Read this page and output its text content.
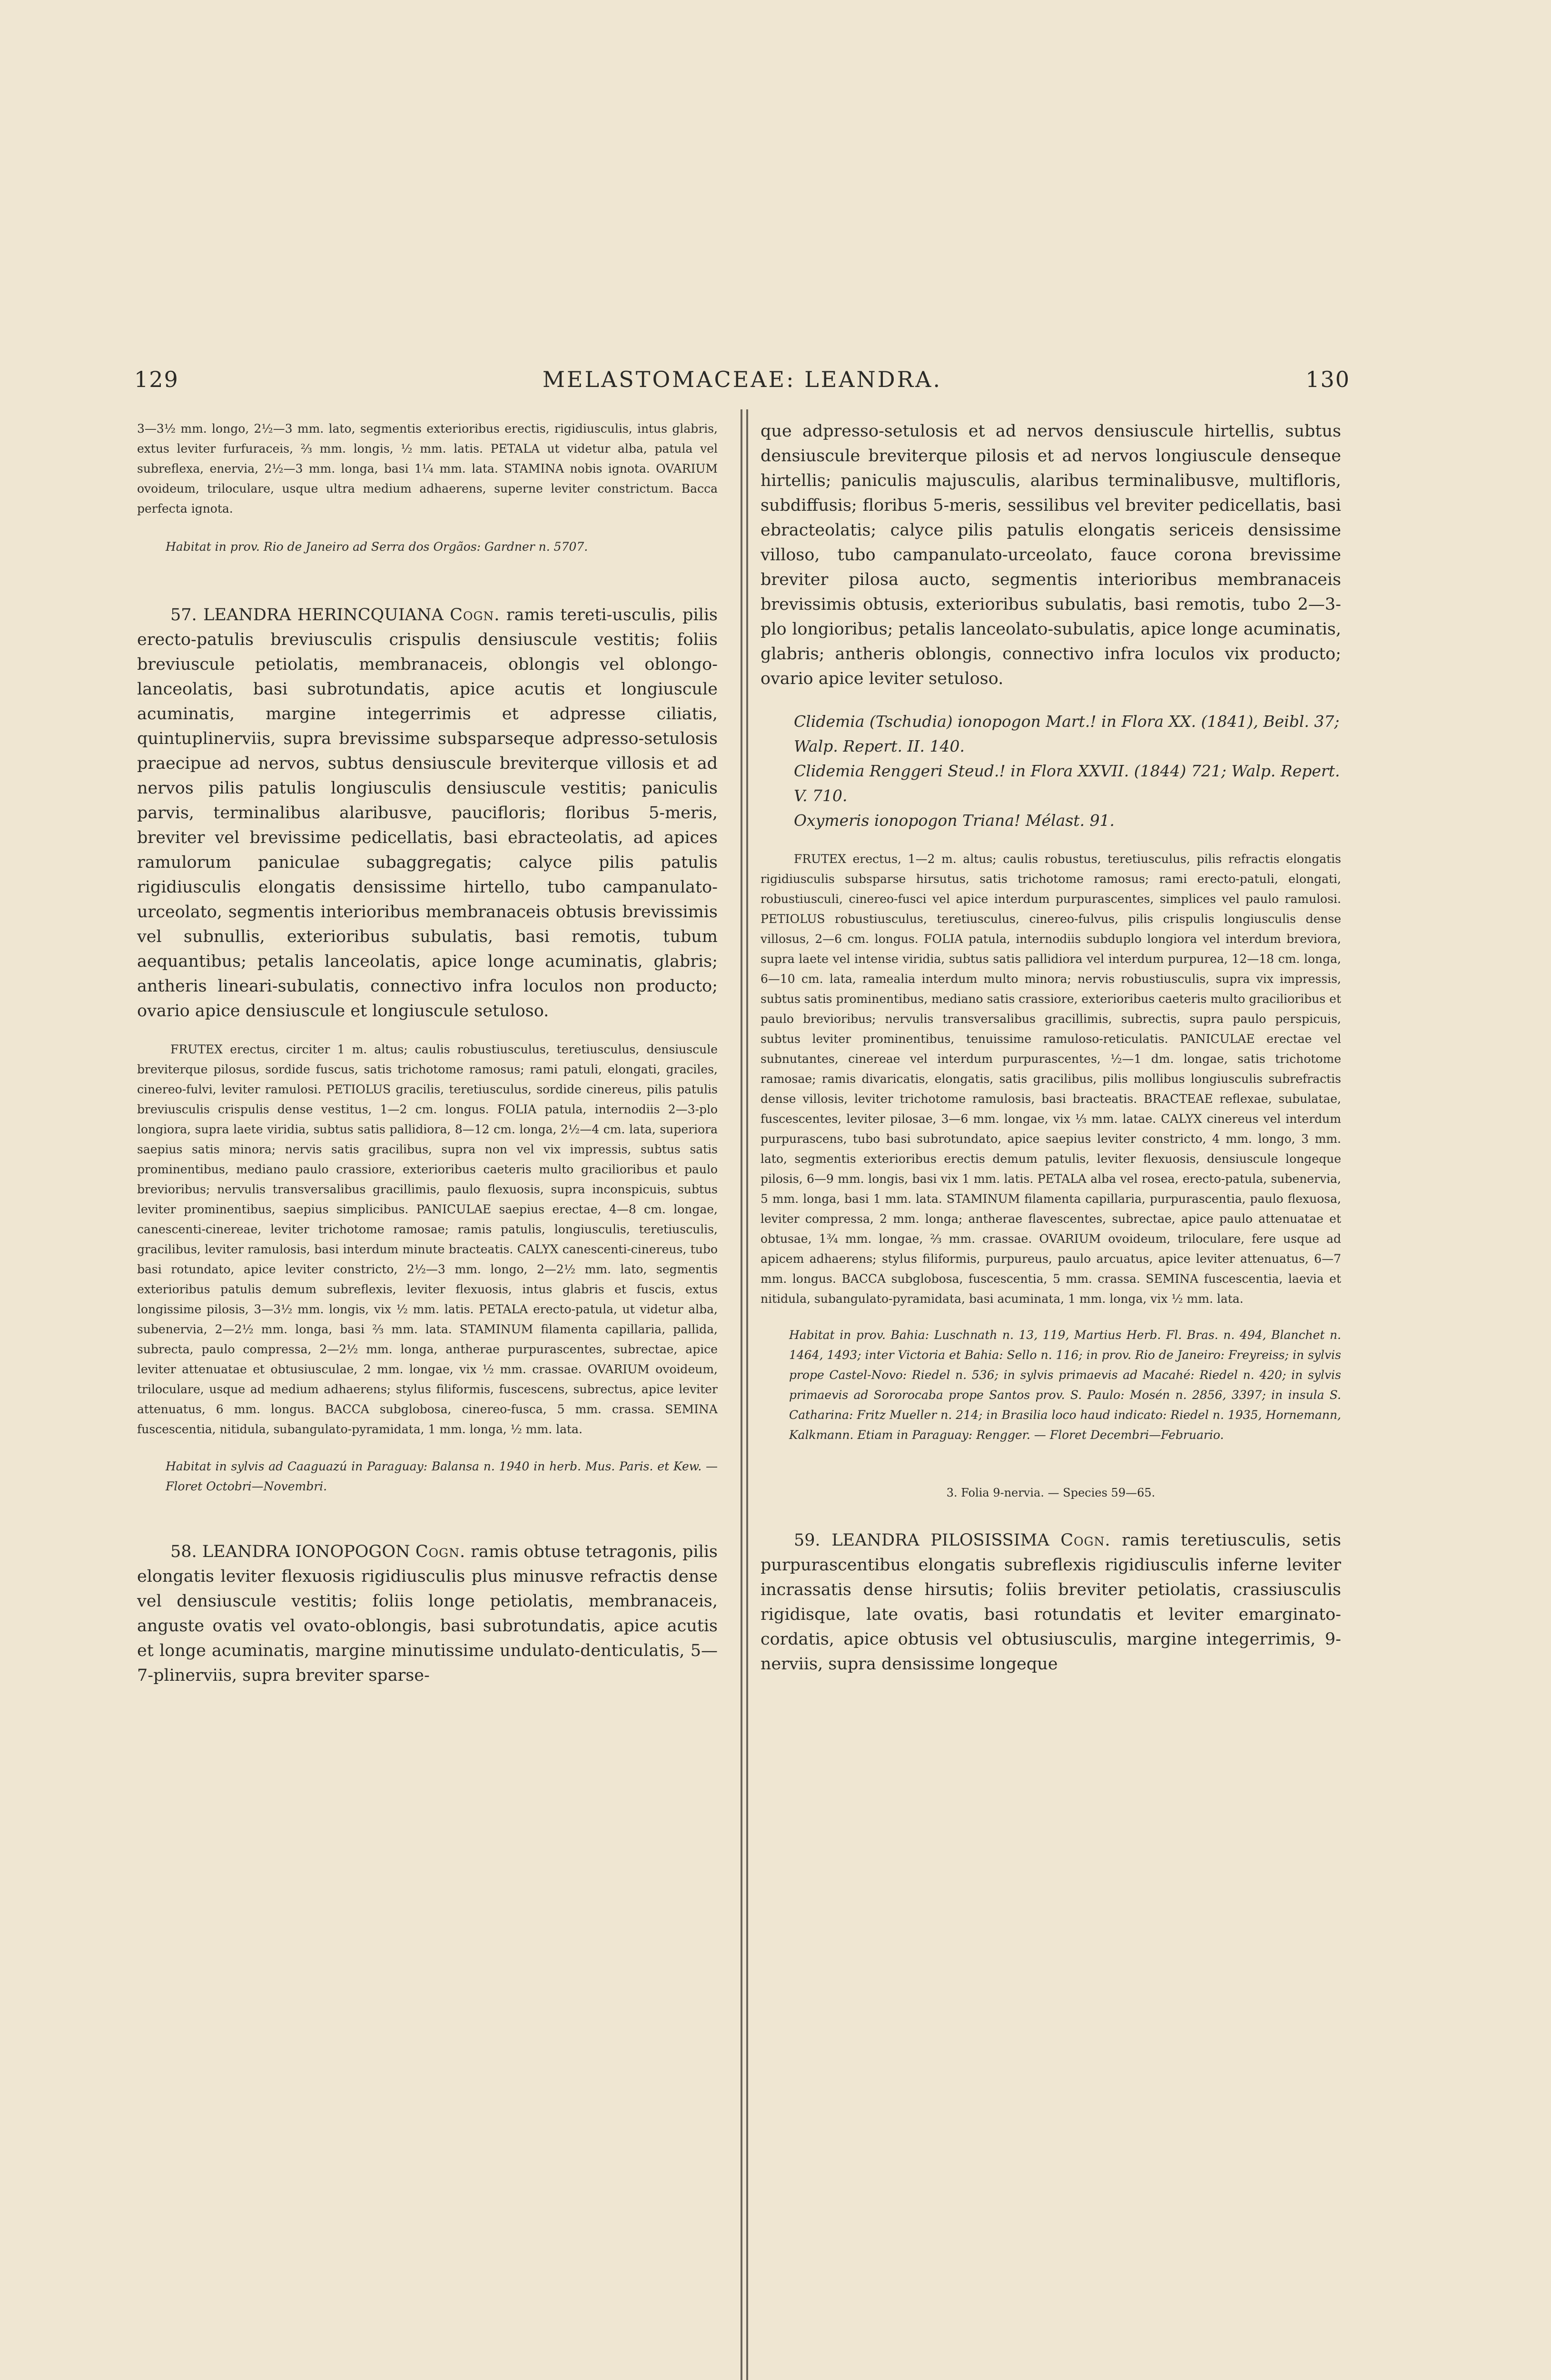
129	MELASTOMACEAE: LEANDRA.	130

3—3½ mm. longo, 2½—3 mm. lato, segmentis exterioribus erectis, rigidiusculis, intus glabris, extus leviter furfuraceis, ⅔ mm. longis, ½ mm. latis. PETALA ut videtur alba, patula vel subreflexa, enervia, 2½—3 mm. longa, basi 1¼ mm. lata. STAMINA nobis ignota. OVARIUM ovoideum, triloculare, usque ultra medium adhaerens, superne leviter constrictum. Bacca perfecta ignota.

Habitat in prov. Rio de Janeiro ad Serra dos Orgãos: Gardner n. 5707.

57. LEANDRA HERINCQUIANA Cogn. ramis tereti-usculis, pilis erecto-patulis breviusculis crispulis densiuscule vestitis; foliis breviuscule petiolatis, membranaceis, oblongis vel oblongo-lanceolatis, basi subrotundatis, apice acutis et longiuscule acuminatis, margine integerrimis et adpresse ciliatis, quintuplinerviis, supra brevissime subsparseque adpresso-setulosis praecipue ad nervos, subtus densiuscule breviterque villosis et ad nervos pilis patulis longiusculis densiuscule vestitis; paniculis parvis, terminalibus alaribusve, paucifloris; floribus 5-meris, breviter vel brevissime pedicellatis, basi ebracteolatis, ad apices ramulorum paniculae subaggregatis; calyce pilis patulis rigidiusculis elongatis densissime hirtello, tubo campanulato-urceolato, segmentis interioribus membranaceis obtusis brevissimis vel subnullis, exterioribus subulatis, basi remotis, tubum aequantibus; petalis lanceolatis, apice longe acuminatis, glabris; antheris lineari-subulatis, connectivo infra loculos non producto; ovario apice densiuscule et longiuscule setuloso.

FRUTEX erectus, circiter 1 m. altus; caulis robustiusculus, teretiusculus, densiuscule breviterque pilosus, sordide fuscus, satis trichotome ramosus; rami patuli, elongati, graciles, cinereo-fulvi, leviter ramulosi. PETIOLUS gracilis, teretiusculus, sordide cinereus, pilis patulis breviusculis crispulis dense vestitus, 1—2 cm. longus. FOLIA patula, internodiis 2—3-plo longiora, supra laete viridia, subtus satis pallidiora, 8—12 cm. longa, 2½—4 cm. lata, superiora saepius satis minora; nervis satis gracilibus, supra non vel vix impressis, subtus satis prominentibus, mediano paulo crassiore, exterioribus caeteris multo gracilioribus et paulo brevioribus; nervulis transversalibus gracillimis, paulo flexuosis, supra inconspicuis, subtus leviter prominentibus, saepius simplicibus. PANICULAE saepius erectae, 4—8 cm. longae, canescenti-cinereae, leviter trichotome ramosae; ramis patulis, longiusculis, teretiusculis, gracilibus, leviter ramulosis, basi interdum minute bracteatis. CALYX canescenti-cinereus, tubo basi rotundato, apice leviter constricto, 2½—3 mm. longo, 2—2½ mm. lato, segmentis exterioribus patulis demum subreflexis, leviter flexuosis, intus glabris et fuscis, extus longissime pilosis, 3—3½ mm. longis, vix ½ mm. latis. PETALA erecto-patula, ut videtur alba, subenervia, 2—2½ mm. longa, basi ⅔ mm. lata. STAMINUM filamenta capillaria, pallida, subrecta, paulo compressa, 2—2½ mm. longa, antherae purpurascentes, subrectae, apice leviter attenuatae et obtusiusculae, 2 mm. longae, vix ½ mm. crassae. OVARIUM ovoideum, triloculare, usque ad medium adhaerens; stylus filiformis, fuscescens, subrectus, apice leviter attenuatus, 6 mm. longus. BACCA subglobosa, cinereo-fusca, 5 mm. crassa. SEMINA fuscescentia, nitidula, subangulato-pyramidata, 1 mm. longa, ½ mm. lata.

Habitat in sylvis ad Caaguazú in Paraguay: Balansa n. 1940 in herb. Mus. Paris. et Kew. — Floret Octobri—Novembri.

58. LEANDRA IONOPOGON Cogn. ramis obtuse tetragonis, pilis elongatis leviter flexuosis rigidiusculis plus minusve refractis dense vel densiuscule vestitis; foliis longe petiolatis, membranaceis, anguste ovatis vel ovato-oblongis, basi subrotundatis, apice acutis et longe acuminatis, margine minutissime undulato-denticulatis, 5—7-plinerviis, supra breviter sparse-

que adpresso-setulosis et ad nervos densiuscule hirtellis, subtus densiuscule breviterque pilosis et ad nervos longiuscule denseque hirtellis; paniculis majusculis, alaribus terminalibusve, multifloris, subdiffusis; floribus 5-meris, sessilibus vel breviter pedicellatis, basi ebracteolatis; calyce pilis patulis elongatis sericeis densissime villoso, tubo campanulato-urceolato, fauce corona brevissime breviter pilosa aucto, segmentis interioribus membranaceis brevissimis obtusis, exterioribus subulatis, basi remotis, tubo 2—3-plo longioribus; petalis lanceolato-subulatis, apice longe acuminatis, glabris; antheris oblongis, connectivo infra loculos vix producto; ovario apice leviter setuloso.

Clidemia (Tschudia) ionopogon Mart.! in Flora XX. (1841), Beibl. 37; Walp. Repert. II. 140.

Clidemia Renggeri Steud.! in Flora XXVII. (1844) 721; Walp. Repert. V. 710.

Oxymeris ionopogon Triana! Mélast. 91.

FRUTEX erectus, 1—2 m. altus; caulis robustus, teretiusculus, pilis refractis elongatis rigidiusculis subsparse hirsutus, satis trichotome ramosus; rami erecto-patuli, elongati, robustiusculi, cinereo-fusci vel apice interdum purpurascentes, simplices vel paulo ramulosi. PETIOLUS robustiusculus, teretiusculus, cinereo-fulvus, pilis crispulis longiusculis dense villosus, 2—6 cm. longus. FOLIA patula, internodiis subduplo longiora vel interdum breviora, supra laete vel intense viridia, subtus satis pallidiora vel interdum purpurea, 12—18 cm. longa, 6—10 cm. lata, ramealia interdum multo minora; nervis robustiusculis, supra vix impressis, subtus satis prominentibus, mediano satis crassiore, exterioribus caeteris multo gracilioribus et paulo brevioribus; nervulis transversalibus gracillimis, subrectis, supra paulo perspicuis, subtus leviter prominentibus, tenuissime ramuloso-reticulatis. PANICULAE erectae vel subnutantes, cinereae vel interdum purpurascentes, ½—1 dm. longae, satis trichotome ramosae; ramis divaricatis, elongatis, satis gracilibus, pilis mollibus longiusculis subrefractis dense villosis, leviter trichotome ramulosis, basi bracteatis. BRACTEAE reflexae, subulatae, fuscescentes, leviter pilosae, 3—6 mm. longae, vix ⅓ mm. latae. CALYX cinereus vel interdum purpurascens, tubo basi subrotundato, apice saepius leviter constricto, 4 mm. longo, 3 mm. lato, segmentis exterioribus erectis demum patulis, leviter flexuosis, densiuscule longeque pilosis, 6—9 mm. longis, basi vix 1 mm. latis. PETALA alba vel rosea, erecto-patula, subenervia, 5 mm. longa, basi 1 mm. lata. STAMINUM filamenta capillaria, purpurascentia, paulo flexuosa, leviter compressa, 2 mm. longa; antherae flavescentes, subrectae, apice paulo attenuatae et obtusae, 1¾ mm. longae, ⅔ mm. crassae. OVARIUM ovoideum, triloculare, fere usque ad apicem adhaerens; stylus filiformis, purpureus, paulo arcuatus, apice leviter attenuatus, 6—7 mm. longus. BACCA subglobosa, fuscescentia, 5 mm. crassa. SEMINA fuscescentia, laevia et nitidula, subangulato-pyramidata, basi acuminata, 1 mm. longa, vix ½ mm. lata.

Habitat in prov. Bahia: Luschnath n. 13, 119, Martius Herb. Fl. Bras. n. 494, Blanchet n. 1464, 1493; inter Victoria et Bahia: Sello n. 116; in prov. Rio de Janeiro: Freyreiss; in sylvis prope Castel-Novo: Riedel n. 536; in sylvis primaevis ad Macahé: Riedel n. 420; in sylvis primaevis ad Sororocaba prope Santos prov. S. Paulo: Mosén n. 2856, 3397; in insula S. Catharina: Fritz Mueller n. 214; in Brasilia loco haud indicato: Riedel n. 1935, Hornemann, Kalkmann. Etiam in Paraguay: Rengger. — Floret Decembri—Februario.

3. Folia 9-nervia. — Species 59—65.

59. LEANDRA PILOSISSIMA Cogn. ramis teretiusculis, setis purpurascentibus elongatis subreflexis rigidiusculis inferne leviter incrassatis dense hirsutis; foliis breviter petiolatis, crassiusculis rigidisque, late ovatis, basi rotundatis et leviter emarginato-cordatis, apice obtusis vel obtusiusculis, margine integerrimis, 9-nerviis, supra densissime longeque
